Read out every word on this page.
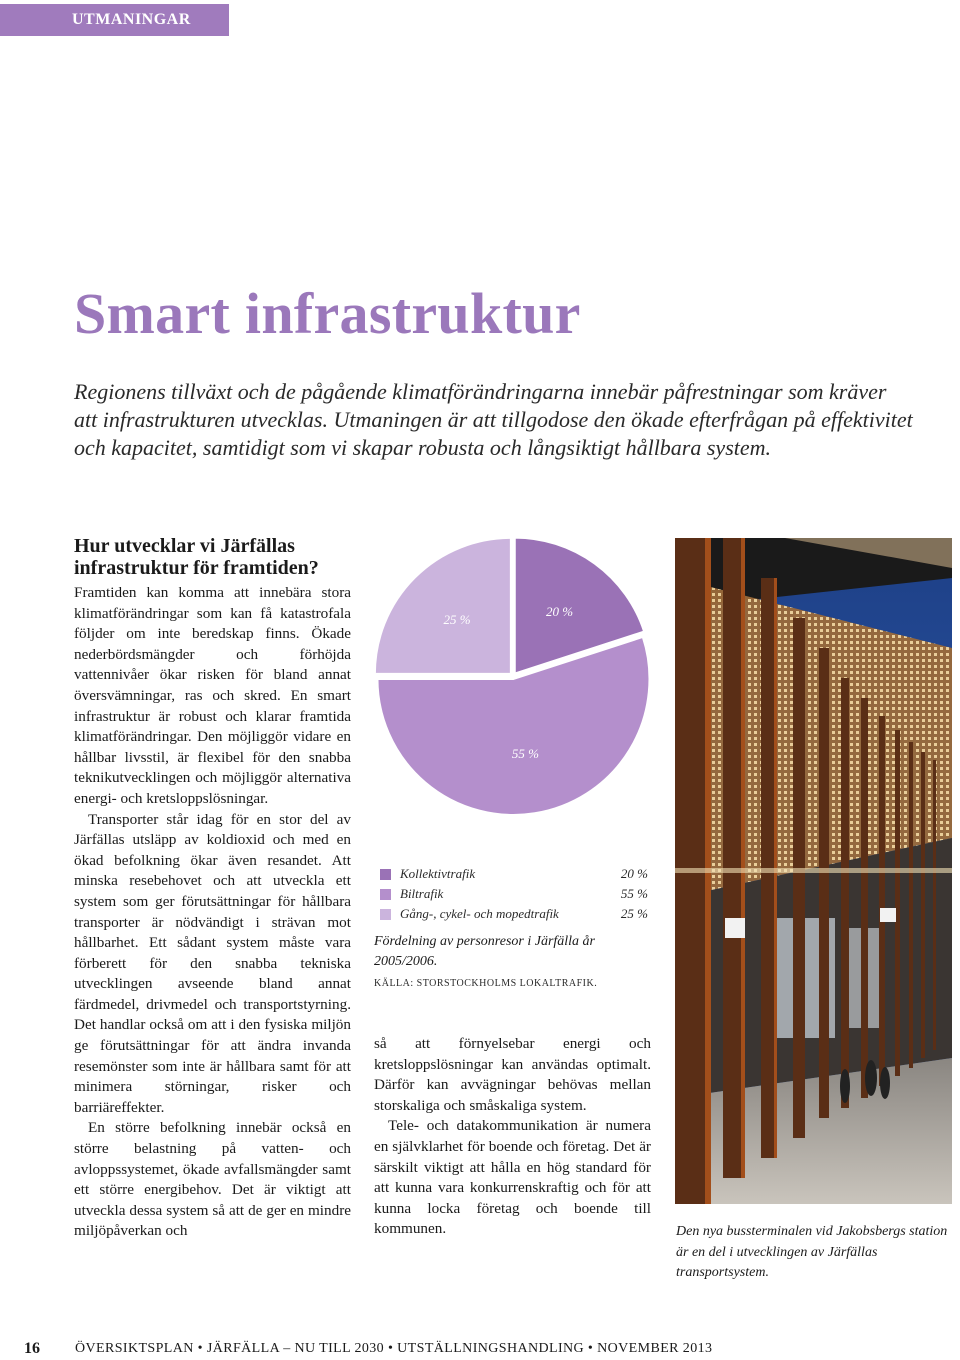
UTMANINGAR
Smart infrastruktur

Regionens tillväxt och de pågående klimatförändringarna innebär påfrestningar som kräver att infrastrukturen utvecklas. Utmaningen är att tillgodose den ökade efterfrågan på effektivitet och kapacitet, samtidigt som vi skapar robusta och långsiktigt hållbara system.

Hur utvecklar vi Järfällas infrastruktur för framtiden?

Framtiden kan komma att innebära stora klimatförändringar som kan få katastrofala följder om inte beredskap finns. Ökade nederbördsmängder och förhöjda vattennivåer ökar risken för bland annat översvämningar, ras och skred. En smart infrastruktur är robust och klarar framtida klimatförändringar. Den möjliggör vidare en hållbar livsstil, är flexibel för den snabba teknikutvecklingen och möjliggör alternativa energi- och kretsloppslösningar.

Transporter står idag för en stor del av Järfällas utsläpp av koldioxid och med en ökad befolkning ökar även resandet. Att minska resebehovet och att utveckla ett system som ger förutsättningar för hållbara transporter är nödvändigt i strävan mot hållbarhet. Ett sådant system måste vara förberett för den snabba tekniska utvecklingen avseende bland annat färdmedel, drivmedel och transportstyrning. Det handlar också om att i den fysiska miljön ge förutsättningar för att ändra invanda resemönster som inte är hållbara samt för att minimera störningar, risker och barriäreffekter.

En större befolkning innebär också en större belastning på vatten- och avloppssystemet, ökade avfallsmängder samt ett större energibehov. Det är viktigt att utveckla dessa system så att de ger en mindre miljöpåverkan och

20 %
55 %
25 %
Kollektivtrafik	20 %
Biltrafik	55 %
Gång-, cykel- och mopedtrafik	25 %

Fördelning av personresor i Järfälla år 2005/2006.

KÄLLA: STORSTOCKHOLMS LOKALTRAFIK.

så att förnyelsebar energi och kretsloppslösningar kan användas optimalt. Därför kan avvägningar behövas mellan storskaliga och småskaliga system.

Tele- och datakommunikation är numera en självklarhet för boende och företag. Det är särskilt viktigt att hålla en hög standard för att kunna vara konkurrenskraftig och för att kunna locka företag och boende till kommunen.	Den nya bussterminalen vid Jakobsbergs station är en del i utvecklingen av Järfällas transportsystem.

16	ÖVERSIKTSPLAN • JÄRFÄLLA – NU TILL 2030 • UTSTÄLLNINGSHANDLING • NOVEMBER 2013
